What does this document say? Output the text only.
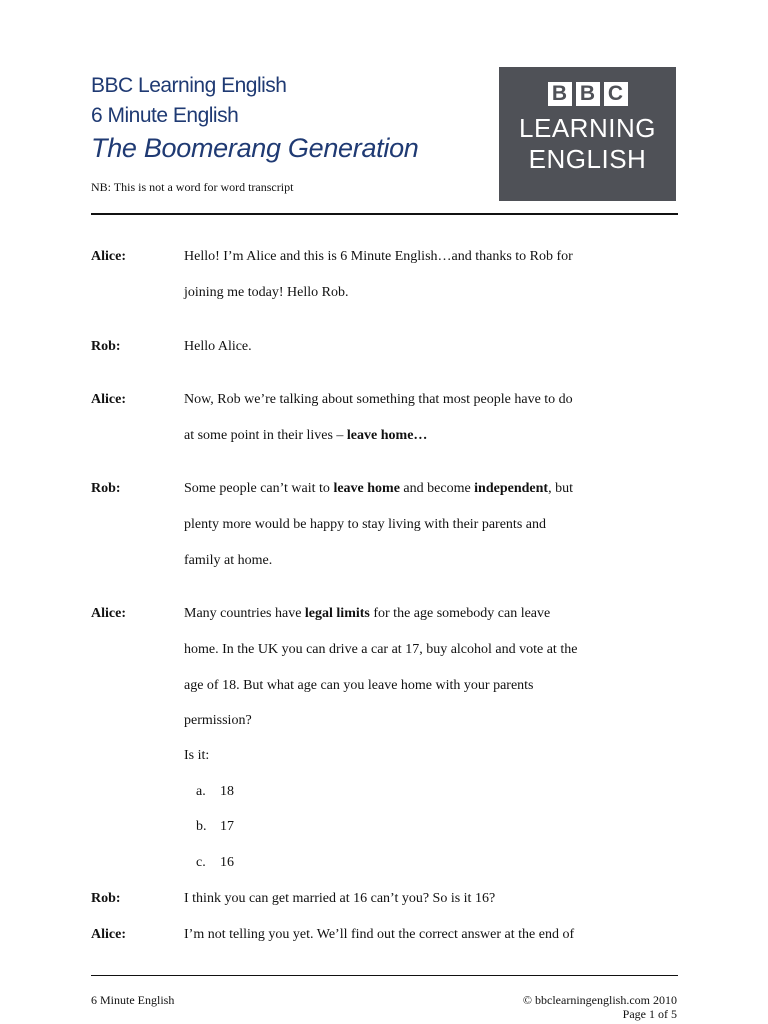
BBC Learning English
6 Minute English
The Boomerang Generation
NB: This is not a word for word transcript
B B C
LEARNING
ENGLISH
Alice:	Hello! I’m Alice and this is 6 Minute English…and thanks to Rob for
joining me today! Hello Rob.
Rob:	Hello Alice.
Alice:	Now, Rob we’re talking about something that most people have to do
at some point in their lives – leave home…
Rob:	Some people can’t wait to leave home and become independent, but
plenty more would be happy to stay living with their parents and
family at home.
Alice:	Many countries have legal limits for the age somebody can leave
home. In the UK you can drive a car at 17, buy alcohol and vote at the
age of 18. But what age can you leave home with your parents
permission?
Is it:
Rob:	I think you can get married at 16 can’t you? So is it 16?
Alice:	I’m not telling you yet. We’ll find out the correct answer at the end of
a. 18
b. 17
c. 16
6 Minute English	© bbclearningenglish.com 2010
Page 1 of 5
